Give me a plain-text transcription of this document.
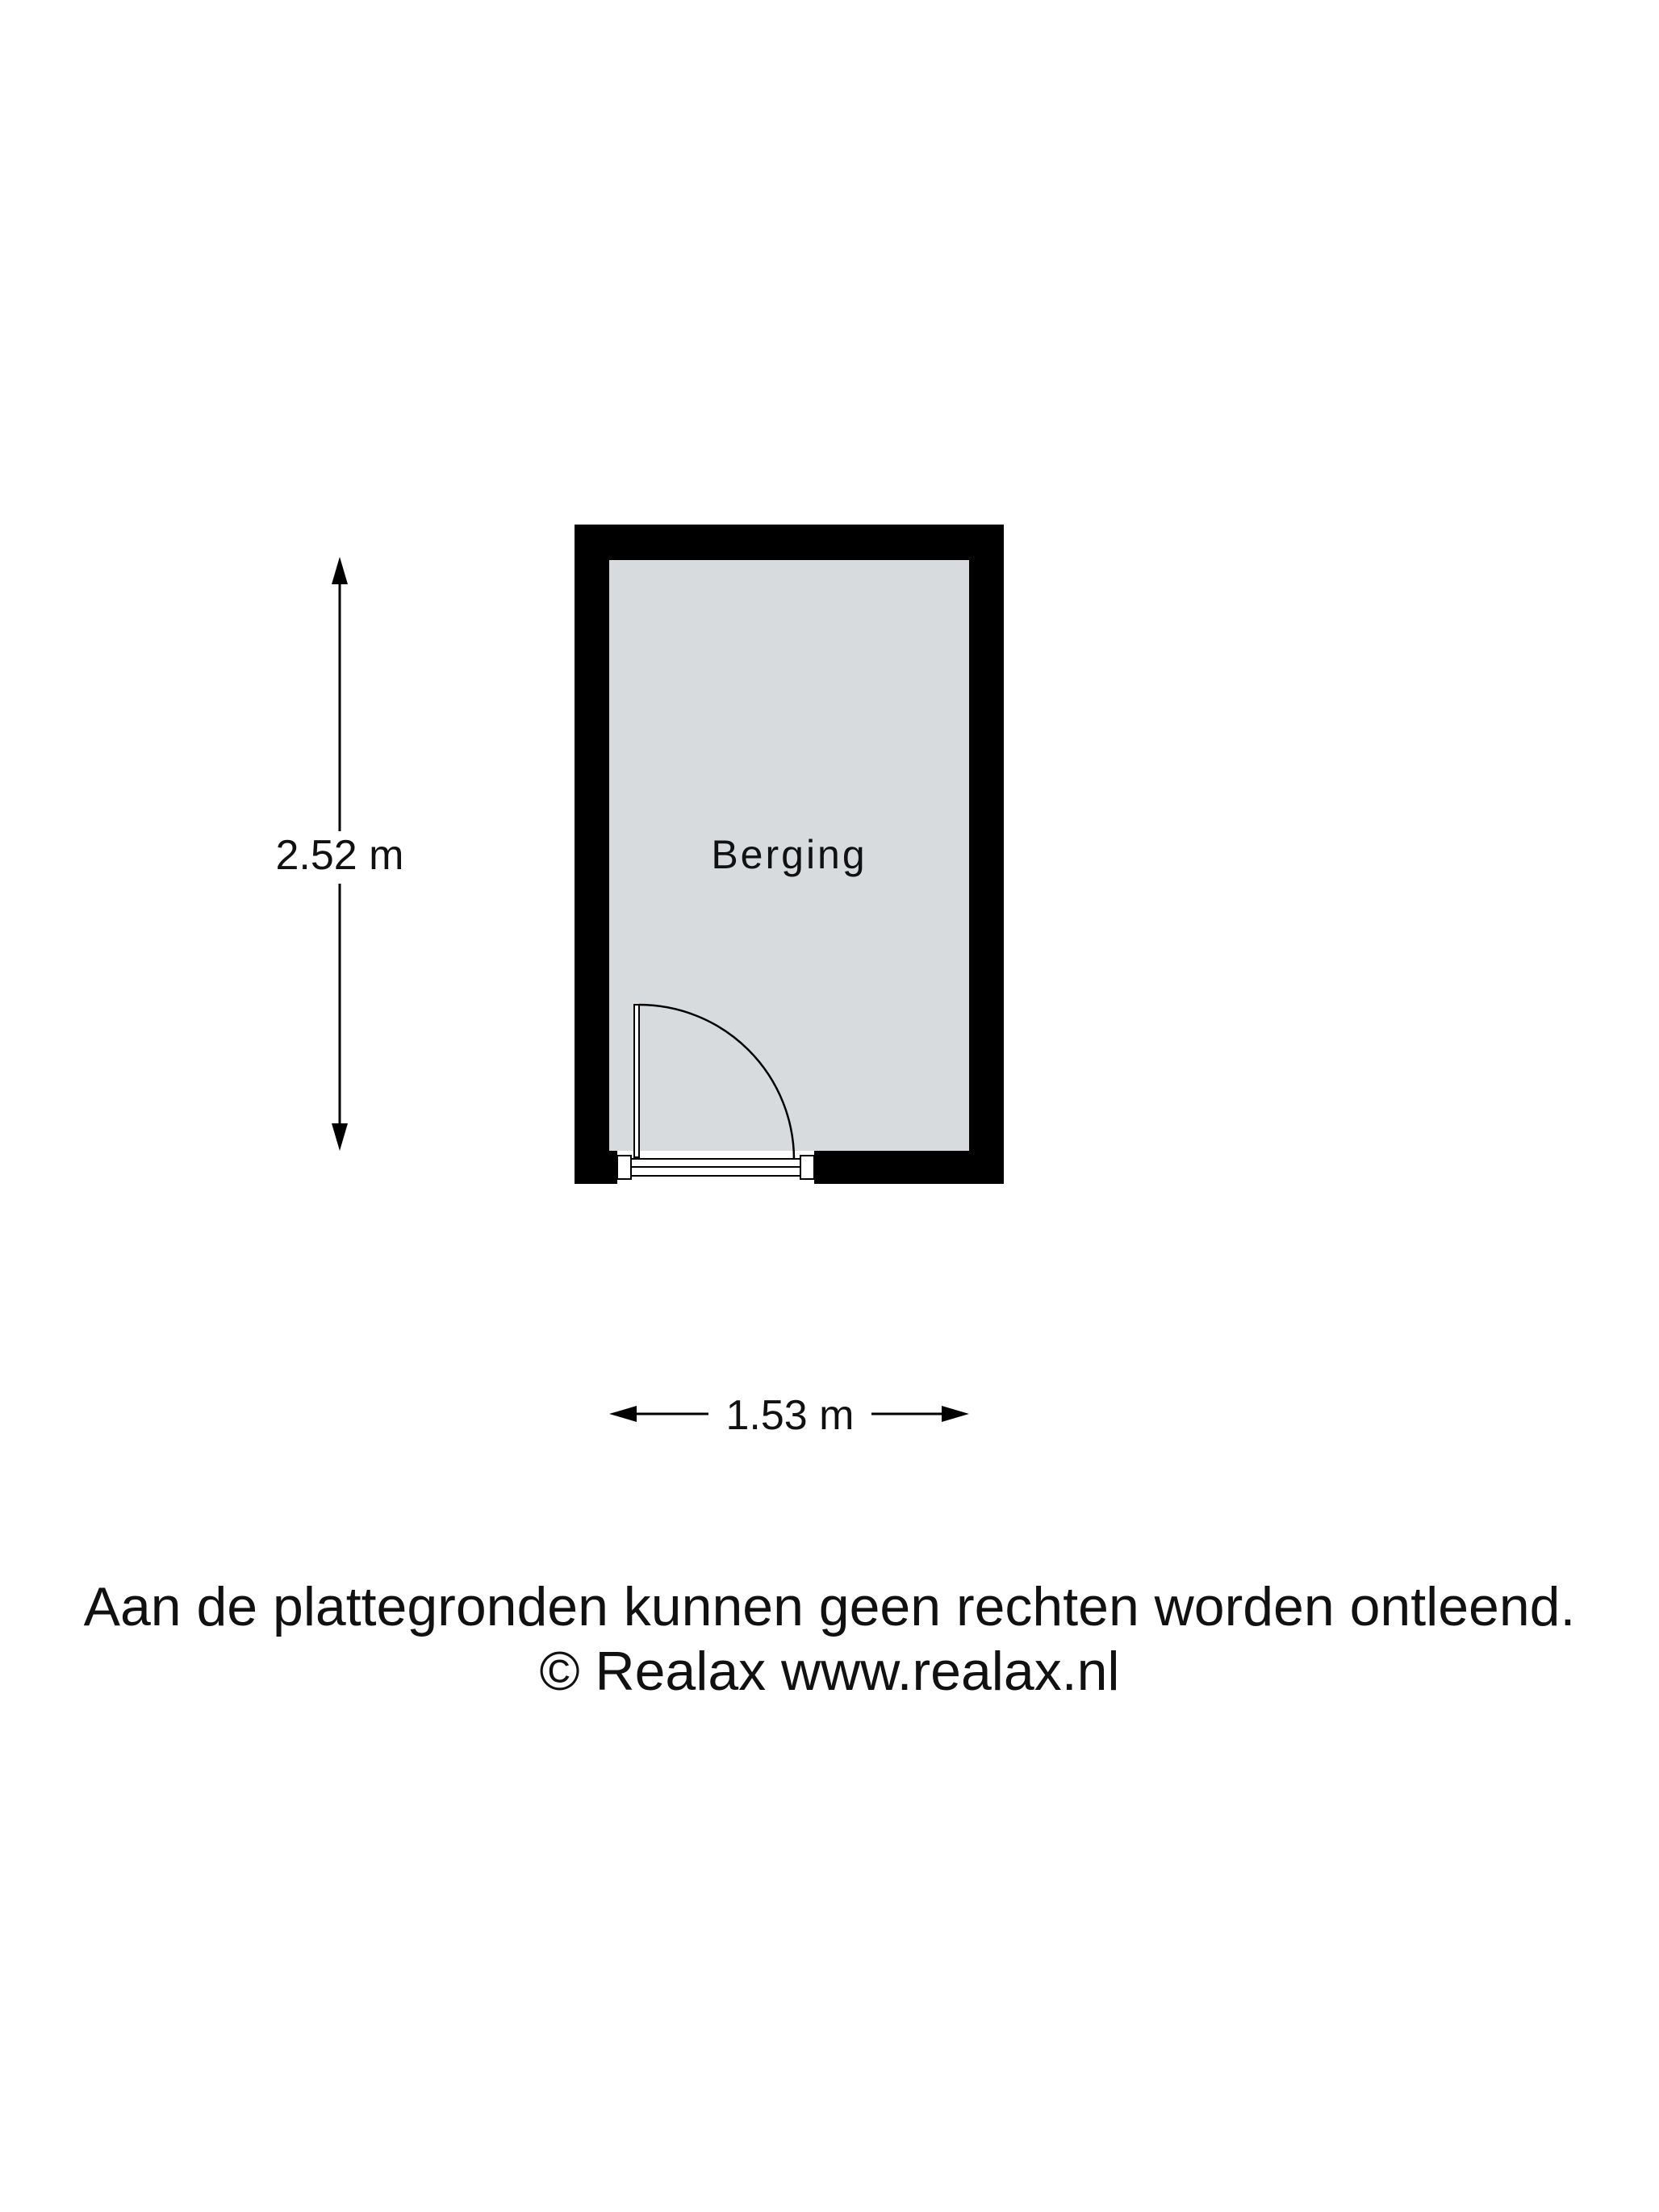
Berging
2.52 m
1.53 m
Aan de plattegronden kunnen geen rechten worden ontleend.
© Realax www.realax.nl
